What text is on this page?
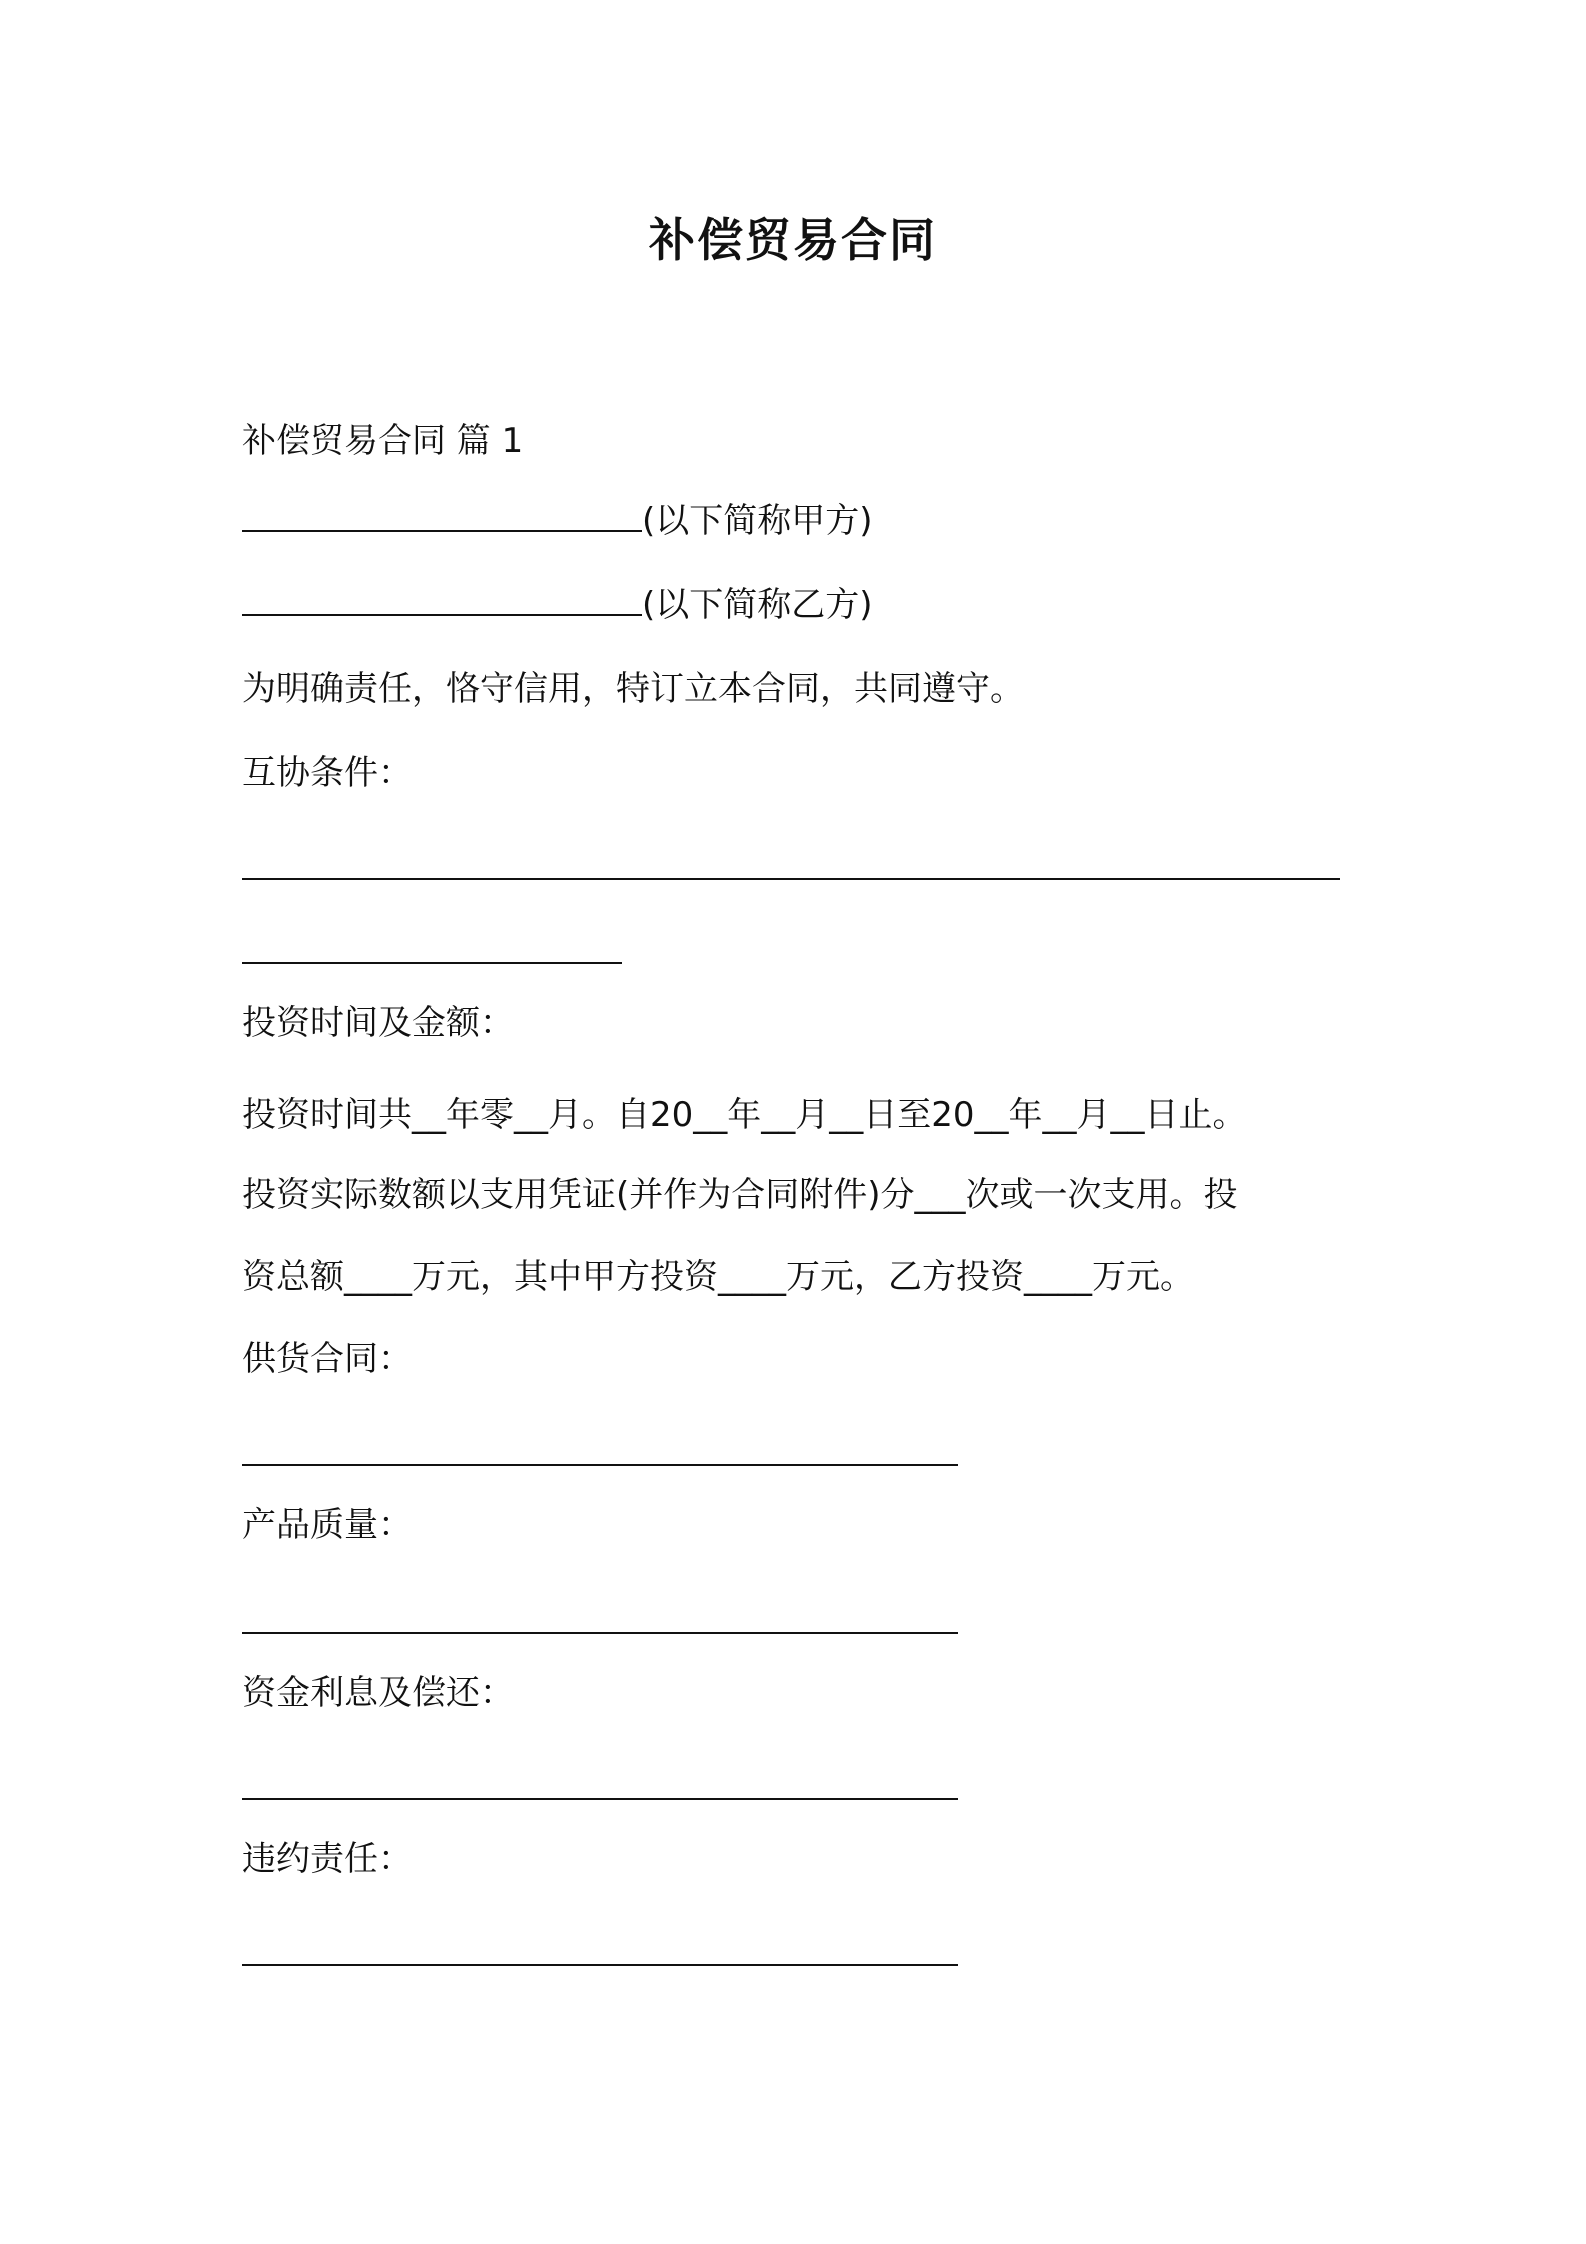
补偿贸易合同

补偿贸易合同 篇 1

(以下简称甲方)

(以下简称乙方)

为明确责任，恪守信用，特订立本合同，共同遵守。

互协条件：

投资时间及金额：

投资时间共__年零__月。自20__年__月__日至20__年__月__日止。

投资实际数额以支用凭证(并作为合同附件)分___次或一次支用。投

资总额____万元，其中甲方投资____万元，乙方投资____万元。

供货合同：

产品质量：

资金利息及偿还：

违约责任：
